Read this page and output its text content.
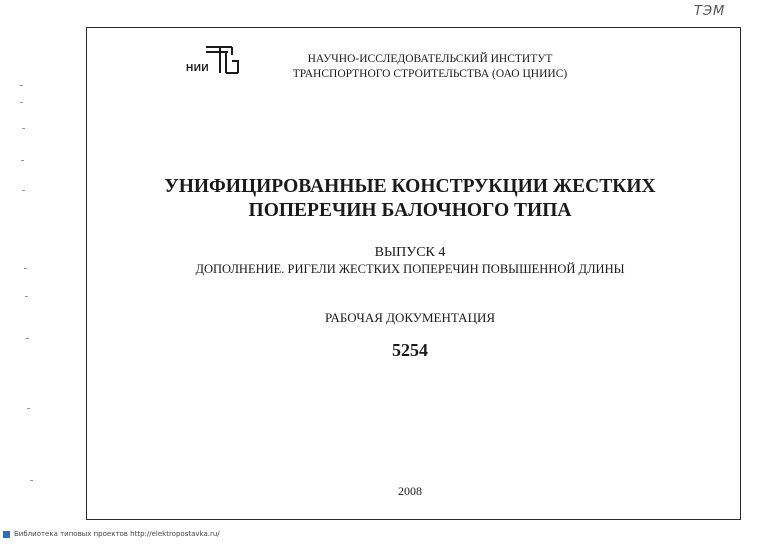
ТЭМ
НИИ
НАУЧНО-ИССЛЕДОВАТЕЛЬСКИЙ ИНСТИТУТ
ТРАНСПОРТНОГО СТРОИТЕЛЬСТВА (ОАО ЦНИИС)
УНИФИЦИРОВАННЫЕ КОНСТРУКЦИИ ЖЕСТКИХ
ПОПЕРЕЧИН БАЛОЧНОГО ТИПА
ВЫПУСК 4
ДОПОЛНЕНИЕ. РИГЕЛИ ЖЕСТКИХ ПОПЕРЕЧИН ПОВЫШЕННОЙ ДЛИНЫ
РАБОЧАЯ ДОКУМЕНТАЦИЯ
5254
2008
Библиотека типовых проектов http://elektropostavka.ru/
